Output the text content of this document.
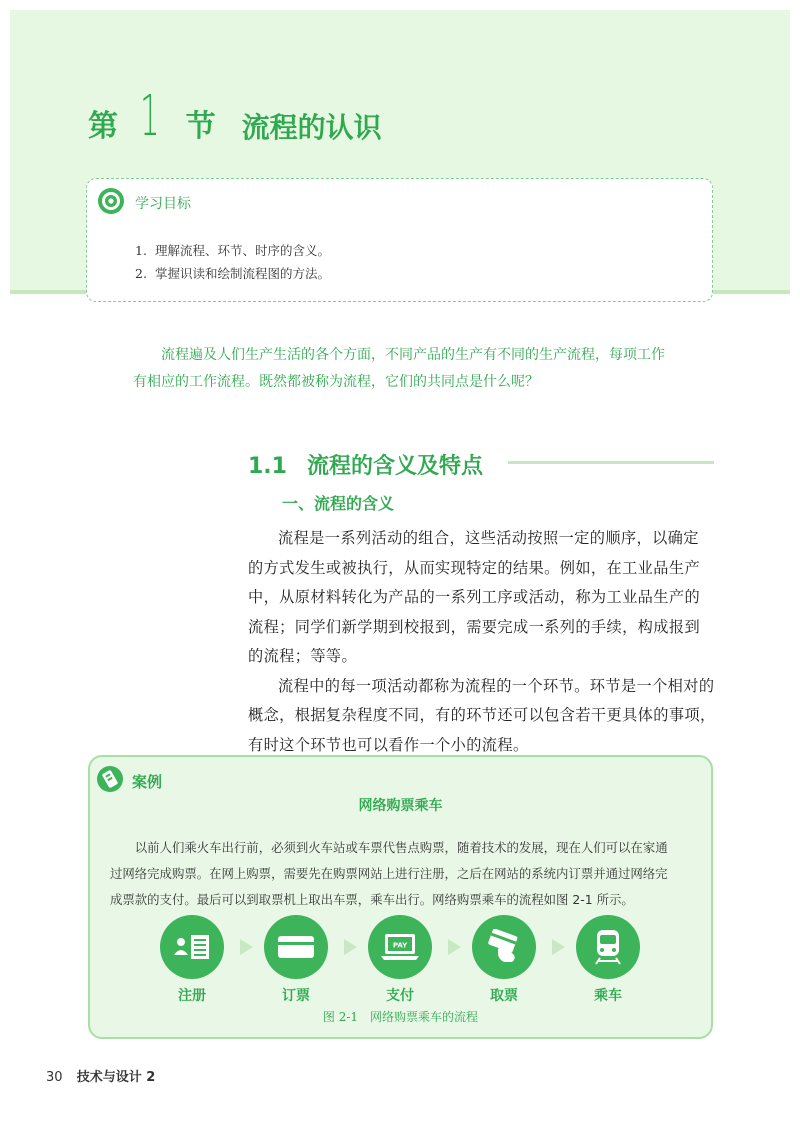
第 1 节 流程的认识
学习目标
1. 理解流程、环节、时序的含义。
2. 掌握识读和绘制流程图的方法。

流程遍及人们生产生活的各个方面，不同产品的生产有不同的生产流程，每项工作

有相应的工作流程。既然都被称为流程，它们的共同点是什么呢？

1.1 流程的含义及特点
一、流程的含义

流程是一系列活动的组合，这些活动按照一定的顺序，以确定
的方式发生或被执行，从而实现特定的结果。例如，在工业品生产
中，从原材料转化为产品的一系列工序或活动，称为工业品生产的
流程；同学们新学期到校报到，需要完成一系列的手续，构成报到
的流程；等等。

流程中的每一项活动都称为流程的一个环节。环节是一个相对的
概念，根据复杂程度不同，有的环节还可以包含若干更具体的事项，
有时这个环节也可以看作一个小的流程。

案例
网络购票乘车

以前人们乘火车出行前，必须到火车站或车票代售点购票，随着技术的发展，现在人们可以在家通
过网络完成购票。在网上购票，需要先在购票网站上进行注册，之后在网站的系统内订票并通过网络完
成票款的支付。最后可以到取票机上取出车票，乘车出行。网络购票乘车的流程如图 2-1 所示。

注册	订票
PAY
支付	取票	乘车
图 2-1　网络购票乘车的流程
30 技术与设计 2
